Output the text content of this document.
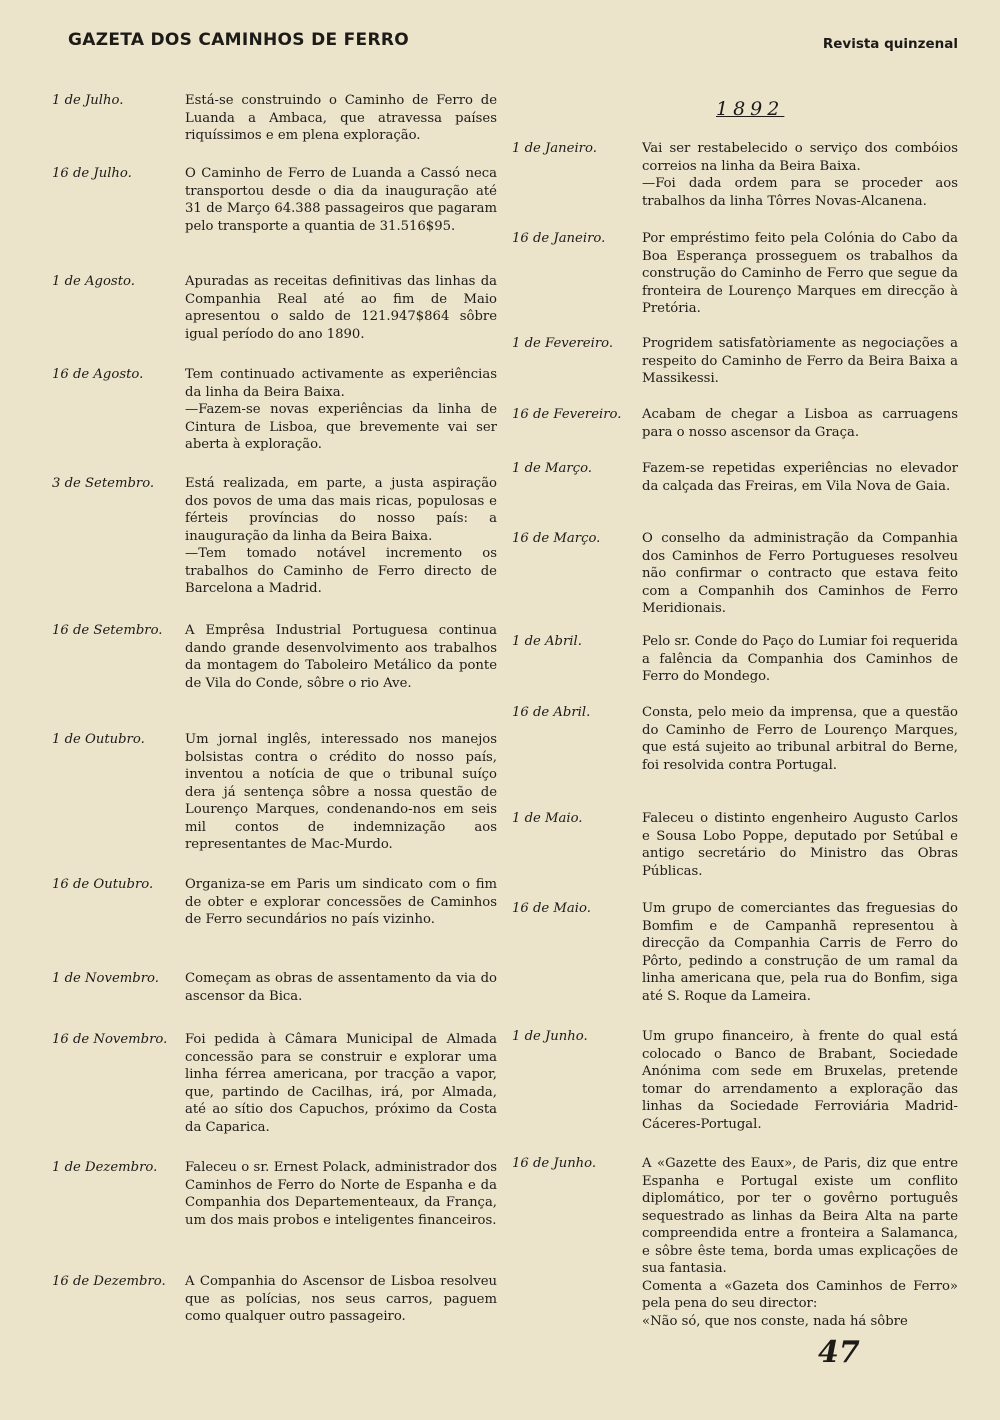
GAZETA DOS CAMINHOS DE FERRO	Revista quinzenal
1 de Julho.	Está-se construindo o Caminho de Ferro de Luanda a Ambaca, que atravessa países riquíssimos e em plena exploração.

16 de Julho.	O Caminho de Ferro de Luanda a Cassó neca transportou desde o dia da inauguração até 31 de Março 64.388 passageiros que pagaram pelo transporte a quantia de 31.516$95.

1 de Agosto.	Apuradas as receitas definitivas das linhas da Companhia Real até ao fim de Maio apresentou o saldo de 121.947$864 sôbre igual período do ano 1890.

16 de Agosto.	Tem continuado activamente as experiências da linha da Beira Baixa.

—Fazem-se novas experiências da linha de Cintura de Lisboa, que brevemente vai ser aberta à exploração.

3 de Setembro. Está realizada, em parte, a justa aspiração dos povos de uma das mais ricas, populosas e férteis províncias do nosso país: a inauguração da linha da Beira Baixa.

—Tem tomado notável incremento os trabalhos do Caminho de Ferro directo de Barcelona a Madrid.

16 de Setembro. A Emprêsa Industrial Portuguesa continua dando grande desenvolvimento aos trabalhos da montagem do Taboleiro Metálico da ponte de Vila do Conde, sôbre o rio Ave.

1 de Outubro.	Um jornal inglês, interessado nos manejos bolsistas contra o crédito do nosso país, inventou a notícia de que o tribunal suíço dera já sentença sôbre a nossa questão de Lourenço Marques, condenando-nos em seis mil contos de indemnização aos representantes de Mac-Murdo.

16 de Outubro. Organiza-se em Paris um sindicato com o fim de obter e explorar concessões de Caminhos de Ferro secundários no país vizinho.

1 de Novembro. Começam as obras de assentamento da via do ascensor da Bica.

16 de Novembro. Foi pedida à Câmara Municipal de Almada concessão para se construir e explorar uma linha férrea americana, por tracção a vapor, que, partindo de Cacilhas, irá, por Almada, até ao sítio dos Capuchos, próximo da Costa da Caparica.

1 de Dezembro. Faleceu o sr. Ernest Polack, administrador dos Caminhos de Ferro do Norte de Espanha e da Companhia dos Departementeaux, da França, um dos mais probos e inteligentes financeiros.

16 de Dezembro. A Companhia do Ascensor de Lisboa resolveu que as polícias, nos seus carros, paguem como qualquer outro passageiro.

1892
1 de Janeiro.	Vai ser restabelecido o serviço dos combóios correios na linha da Beira Baixa.

—Foi dada ordem para se proceder aos trabalhos da linha Tôrres Novas-Alcanena.

16 de Janeiro.	Por empréstimo feito pela Colónia do Cabo da Boa Esperança prosseguem os trabalhos da construção do Caminho de Ferro que segue da fronteira de Lourenço Marques em direcção à Pretória.

1 de Fevereiro. Progridem satisfatòriamente as negociações a respeito do Caminho de Ferro da Beira Baixa a Massikessi.

16 de Fevereiro. Acabam de chegar a Lisboa as carruagens para o nosso ascensor da Graça.

1 de Março.	Fazem-se repetidas experiências no elevador da calçada das Freiras, em Vila Nova de Gaia.

16 de Março.	O conselho da administração da Companhia dos Caminhos de Ferro Portugueses resolveu não confirmar o contracto que estava feito com a Companhih dos Caminhos de Ferro Meridionais.

1 de Abril.	Pelo sr. Conde do Paço do Lumiar foi requerida a falência da Companhia dos Caminhos de Ferro do Mondego.

16 de Abril.	Consta, pelo meio da imprensa, que a questão do Caminho de Ferro de Lourenço Marques, que está sujeito ao tribunal arbitral do Berne, foi resolvida contra Portugal.

1 de Maio.	Faleceu o distinto engenheiro Augusto Carlos e Sousa Lobo Poppe, deputado por Setúbal e antigo secretário do Ministro das Obras Públicas.

16 de Maio.	Um grupo de comerciantes das freguesias do Bomfim e de Campanhã representou à direcção da Companhia Carris de Ferro do Pôrto, pedindo a construção de um ramal da linha americana que, pela rua do Bonfim, siga até S. Roque da Lameira.

1 de Junho.	Um grupo financeiro, à frente do qual está colocado o Banco de Brabant, Sociedade Anónima com sede em Bruxelas, pretende tomar do arrendamento a exploração das linhas da Sociedade Ferroviária Madrid-Cáceres-Portugal.

16 de Junho.	A «Gazette des Eaux», de Paris, diz que entre Espanha e Portugal existe um conflito diplomático, por ter o govêrno português sequestrado as linhas da Beira Alta na parte compreendida entre a fronteira a Salamanca, e sôbre êste tema, borda umas explicações de sua fantasia.

Comenta a «Gazeta dos Caminhos de Ferro» pela pena do seu director:

«Não só, que nos conste, nada há sôbre

47
